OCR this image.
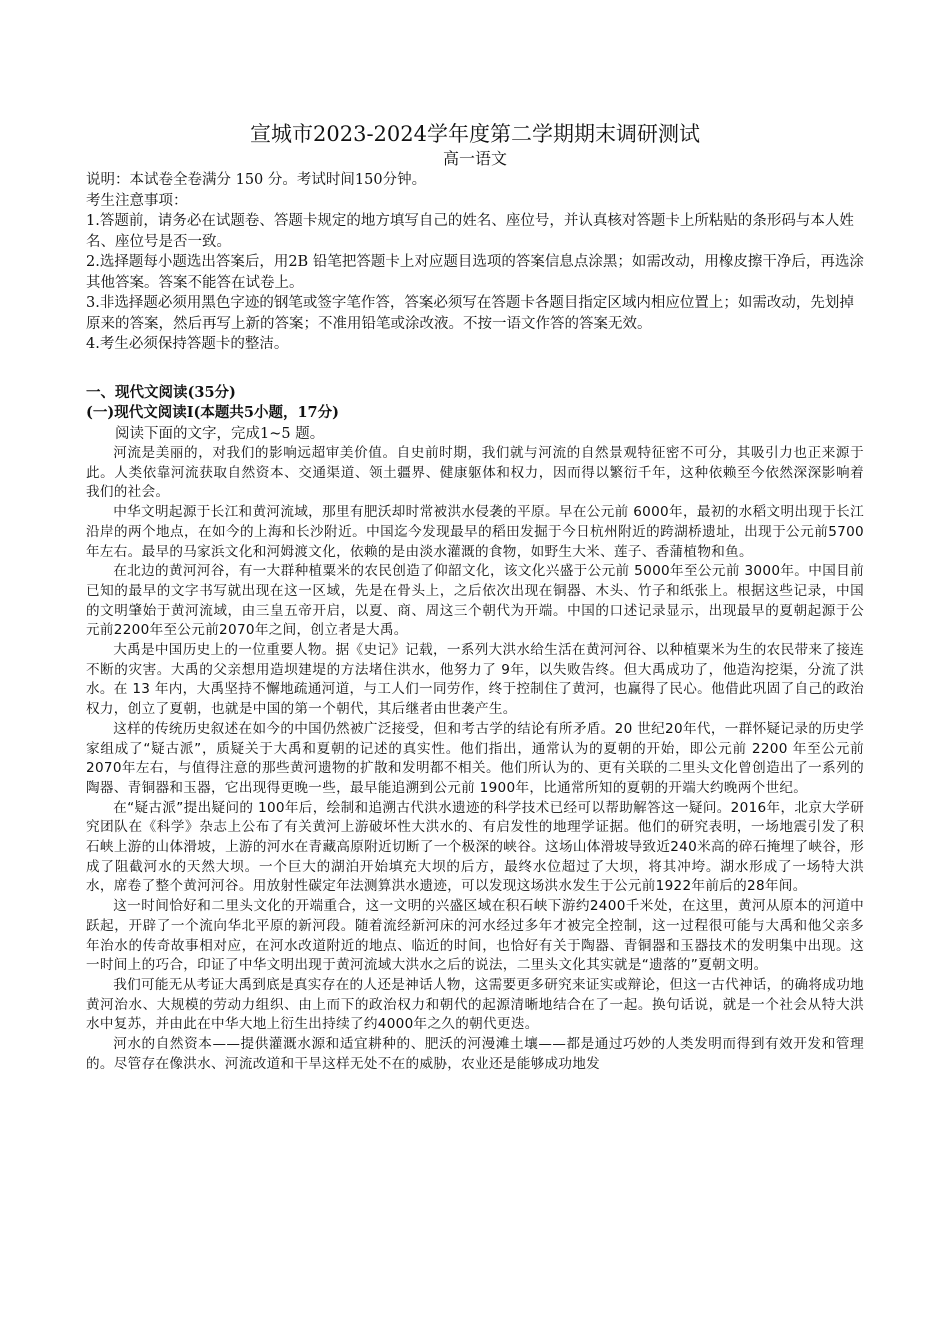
宣城市2023-2024学年度第二学期期末调研测试

高一语文

说明：本试卷全卷满分 150 分。考试时间150分钟。

考生注意事项：

1.答题前，请务必在试题卷、答题卡规定的地方填写自己的姓名、座位号，并认真核对答题卡上所粘贴的条形码与本人姓名、座位号是否一致。

2.选择题每小题选出答案后，用2B 铅笔把答题卡上对应题目选项的答案信息点涂黑；如需改动，用橡皮擦干净后，再选涂其他答案。答案不能答在试卷上。

3.非选择题必须用黑色字迹的钢笔或签字笔作答，答案必须写在答题卡各题目指定区域内相应位置上；如需改动，先划掉原来的答案，然后再写上新的答案；不准用铅笔或涂改液。不按一语文作答的答案无效。

4.考生必须保持答题卡的整洁。

一、现代文阅读(35分)

(一)现代文阅读I(本题共5小题，17分)

阅读下面的文字，完成1~5 题。

河流是美丽的，对我们的影响远超审美价值。自史前时期，我们就与河流的自然景观特征密不可分，其吸引力也正来源于此。人类依靠河流获取自然资本、交通渠道、领土疆界、健康躯体和权力，因而得以繁衍千年，这种依赖至今依然深深影响着我们的社会。

中华文明起源于长江和黄河流域，那里有肥沃却时常被洪水侵袭的平原。早在公元前 6000年，最初的水稻文明出现于长江沿岸的两个地点，在如今的上海和长沙附近。中国迄今发现最早的稻田发掘于今日杭州附近的跨湖桥遗址，出现于公元前5700年左右。最早的马家浜文化和河姆渡文化，依赖的是由淡水灌溉的食物，如野生大米、莲子、香蒲植物和鱼。

在北边的黄河河谷，有一大群种植粟米的农民创造了仰韶文化，该文化兴盛于公元前 5000年至公元前 3000年。中国目前已知的最早的文字书写就出现在这一区域，先是在骨头上，之后依次出现在铜器、木头、竹子和纸张上。根据这些记录，中国的文明肇始于黄河流域，由三皇五帝开启，以夏、商、周这三个朝代为开端。中国的口述记录显示，出现最早的夏朝起源于公元前2200年至公元前2070年之间，创立者是大禹。

大禹是中国历史上的一位重要人物。据《史记》记载，一系列大洪水给生活在黄河河谷、以种植粟米为生的农民带来了接连不断的灾害。大禹的父亲想用造坝建堤的方法堵住洪水，他努力了 9年，以失败告终。但大禹成功了，他造沟挖渠，分流了洪水。在 13 年内，大禹坚持不懈地疏通河道，与工人们一同劳作，终于控制住了黄河，也赢得了民心。他借此巩固了自己的政治权力，创立了夏朝，也就是中国的第一个朝代，其后继者由世袭产生。

这样的传统历史叙述在如今的中国仍然被广泛接受，但和考古学的结论有所矛盾。20 世纪20年代，一群怀疑记录的历史学家组成了“疑古派”，质疑关于大禹和夏朝的记述的真实性。他们指出，通常认为的夏朝的开始，即公元前 2200 年至公元前 2070年左右，与值得注意的那些黄河遗物的扩散和发明都不相关。他们所认为的、更有关联的二里头文化曾创造出了一系列的陶器、青铜器和玉器，它出现得更晚一些，最早能追溯到公元前 1900年，比通常所知的夏朝的开端大约晚两个世纪。

在“疑古派”提出疑问的 100年后，绘制和追溯古代洪水遗迹的科学技术已经可以帮助解答这一疑问。2016年，北京大学研究团队在《科学》杂志上公布了有关黄河上游破坏性大洪水的、有启发性的地理学证据。他们的研究表明，一场地震引发了积石峡上游的山体滑坡，上游的河水在青藏高原附近切断了一个极深的峡谷。这场山体滑坡导致近240米高的碎石掩埋了峡谷，形成了阻截河水的天然大坝。一个巨大的湖泊开始填充大坝的后方，最终水位超过了大坝，将其冲垮。湖水形成了一场特大洪水，席卷了整个黄河河谷。用放射性碳定年法测算洪水遗迹，可以发现这场洪水发生于公元前1922年前后的28年间。

这一时间恰好和二里头文化的开端重合，这一文明的兴盛区域在积石峡下游约2400千米处，在这里，黄河从原本的河道中跃起，开辟了一个流向华北平原的新河段。随着流经新河床的河水经过多年才被完全控制，这一过程很可能与大禹和他父亲多年治水的传奇故事相对应，在河水改道附近的地点、临近的时间，也恰好有关于陶器、青铜器和玉器技术的发明集中出现。这一时间上的巧合，印证了中华文明出现于黄河流域大洪水之后的说法，二里头文化其实就是“遗落的”夏朝文明。

我们可能无从考证大禹到底是真实存在的人还是神话人物，这需要更多研究来证实或辩论，但这一古代神话，的确将成功地黄河治水、大规模的劳动力组织、由上而下的政治权力和朝代的起源清晰地结合在了一起。换句话说，就是一个社会从特大洪水中复苏，并由此在中华大地上衍生出持续了约4000年之久的朝代更迭。

河水的自然资本——提供灌溉水源和适宜耕种的、肥沃的河漫滩土壤——都是通过巧妙的人类发明而得到有效开发和管理的。尽管存在像洪水、河流改道和干旱这样无处不在的威胁，农业还是能够成功地发
